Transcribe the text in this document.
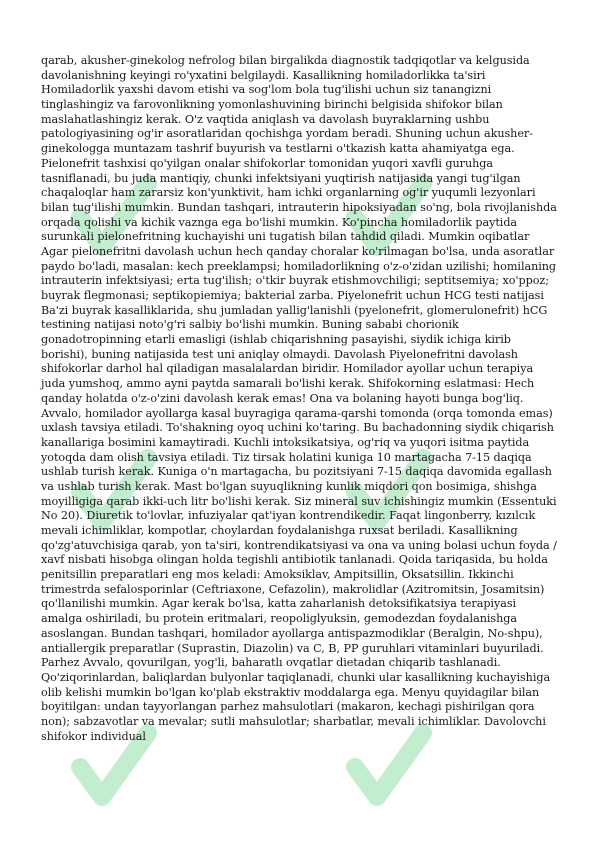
qarab, akusher-ginekolog nefrolog bilan birgalikda diagnostik tadqiqotlar va kelgusida davolanishning keyingi ro'yxatini belgilaydi. Kasallikning homiladorlikka ta'siri Homiladorlik yaxshi davom etishi va sog'lom bola tug'ilishi uchun siz tanangizni tinglashingiz va farovonlikning yomonlashuvining birinchi belgisida shifokor bilan maslahatlashingiz kerak. O'z vaqtida aniqlash va davolash buyraklarning ushbu patologiyasining og'ir asoratlaridan qochishga yordam beradi. Shuning uchun akusher-ginekologga muntazam tashrif buyurish va testlarni o'tkazish katta ahamiyatga ega. Pielonefrit tashxisi qo'yilgan onalar shifokorlar tomonidan yuqori xavfli guruhga tasniflanadi, bu juda mantiqiy, chunki infektsiyani yuqtirish natijasida yangi tug'ilgan chaqaloqlar ham zararsiz kon'yunktivit, ham ichki organlarning og'ir yuqumli lezyonlari bilan tug'ilishi mumkin. Bundan tashqari, intrauterin hipoksiyadan so'ng, bola rivojlanishda orqada qolishi va kichik vaznga ega bo'lishi mumkin. Ko'pincha homiladorlik paytida surunkali pielonefritning kuchayishi uni tugatish bilan tahdid qiladi. Mumkin oqibatlar Agar pielonefritni davolash uchun hech qanday choralar ko'rilmagan bo'lsa, unda asoratlar paydo bo'ladi, masalan: kech preeklampsi; homiladorlikning o'z-o'zidan uzilishi; homilaning intrauterin infektsiyasi; erta tug'ilish; o'tkir buyrak etishmovchiligi; septitsemiya; xo'ppoz; buyrak flegmonasi; septikopiemiya; bakterial zarba. Piyelonefrit uchun HCG testi natijasi Ba'zi buyrak kasalliklarida, shu jumladan yallig'lanishli (pyelonefrit, glomerulonefrit) hCG testining natijasi noto'g'ri salbiy bo'lishi mumkin. Buning sababi chorionik gonadotropinning etarli emasligi (ishlab chiqarishning pasayishi, siydik ichiga kirib borishi), buning natijasida test uni aniqlay olmaydi. Davolash Piyelonefritni davolash shifokorlar darhol hal qiladigan masalalardan biridir. Homilador ayollar uchun terapiya juda yumshoq, ammo ayni paytda samarali bo'lishi kerak. Shifokorning eslatmasi: Hech qanday holatda o'z-o'zini davolash kerak emas! Ona va bolaning hayoti bunga bog'liq. Avvalo, homilador ayollarga kasal buyragiga qarama-qarshi tomonda (orqa tomonda emas) uxlash tavsiya etiladi. To'shakning oyoq uchini ko'taring. Bu bachadonning siydik chiqarish kanallariga bosimini kamaytiradi. Kuchli intoksikatsiya, og'riq va yuqori isitma paytida yotoqda dam olish tavsiya etiladi. Tiz tirsak holatini kuniga 10 martagacha 7-15 daqiqa ushlab turish kerak. Kuniga o'n martagacha, bu pozitsiyani 7-15 daqiqa davomida egallash va ushlab turish kerak. Mast bo'lgan suyuqlikning kunlik miqdori qon bosimiga, shishga moyilligiga qarab ikki-uch litr bo'lishi kerak. Siz mineral suv ichishingiz mumkin (Essentuki No 20). Diuretik to'lovlar, infuziyalar qat'iyan kontrendikedir. Faqat lingonberry, kızılcık mevali ichimliklar, kompotlar, choylardan foydalanishga ruxsat beriladi. Kasallikning qo'zg'atuvchisiga qarab, yon ta'siri, kontrendikatsiyasi va ona va uning bolasi uchun foyda / xavf nisbati hisobga olingan holda tegishli antibiotik tanlanadi. Qoida tariqasida, bu holda penitsillin preparatlari eng mos keladi: Amoksiklav, Ampitsillin, Oksatsillin. Ikkinchi trimestrda sefalosporinlar (Ceftriaxone, Cefazolin), makrolidlar (Azitromitsin, Josamitsin) qo'llanilishi mumkin. Agar kerak bo'lsa, katta zaharlanish detoksifikatsiya terapiyasi amalga oshiriladi, bu protein eritmalari, reopoliglyuksin, gemodezdan foydalanishga asoslangan. Bundan tashqari, homilador ayollarga antispazmodiklar (Beralgin, No-shpu), antiallergik preparatlar (Suprastin, Diazolin) va C, B, PP guruhlari vitaminlari buyuriladi. Parhez Avvalo, qovurilgan, yog'li, baharatlı ovqatlar dietadan chiqarib tashlanadi. Qo'ziqorinlardan, baliqlardan bulyonlar taqiqlanadi, chunki ular kasallikning kuchayishiga olib kelishi mumkin bo'lgan ko'plab ekstraktiv moddalarga ega. Menyu quyidagilar bilan boyitilgan: undan tayyorlangan parhez mahsulotlari (makaron, kechagi pishirilgan qora non); sabzavotlar va mevalar; sutli mahsulotlar; sharbatlar, mevali ichimliklar. Davolovchi shifokor individual
